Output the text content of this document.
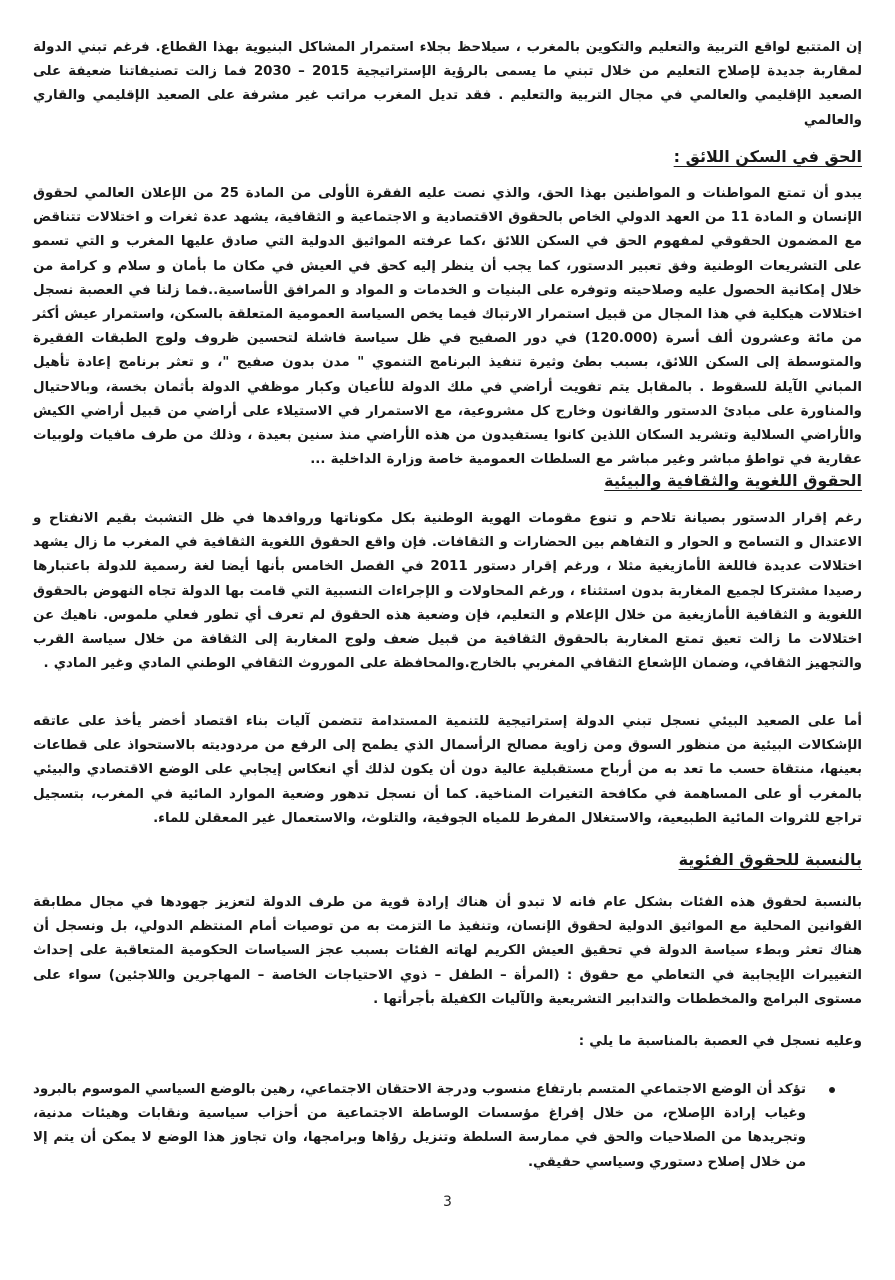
إن المتتبع لواقع التربية والتعليم والتكوين بالمغرب ، سيلاحظ بجلاء استمرار المشاكل البنيوية بهذا القطاع. فرغم تبني الدولة لمقاربة جديدة لإصلاح التعليم من خلال تبني ما يسمى بالرؤية الإستراتيجية 2015 – 2030 فما زالت تصنيفاتنا ضعيفة على الصعيد الإقليمي والعالمي في مجال التربية والتعليم . فقد تديل المغرب مراتب غير مشرفة على الصعيد الإقليمي والقاري والعالمي

الحق في السكن اللائق :

يبدو أن تمتع المواطنات و المواطنين بهذا الحق، والذي نصت عليه الفقرة الأولى من المادة 25 من الإعلان العالمي لحقوق الإنسان و المادة 11 من العهد الدولي الخاص بالحقوق الاقتصادية و الاجتماعية و الثقافية، يشهد عدة ثغرات و اختلالات تتناقض مع المضمون الحقوقي لمفهوم الحق في السكن اللائق ،كما عرفته المواثيق الدولية التي صادق عليها المغرب و التي تسمو على التشريعات الوطنية وفق تعبير الدستور، كما يجب أن ينظر إليه كحق في العيش في مكان ما بأمان و سلام و كرامة من خلال إمكانية الحصول عليه وصلاحيته وتوفره على البنيات و الخدمات و المواد و المرافق الأساسية..فما زلنا في العصبة نسجل اختلالات هيكلية في هذا المجال من قبيل استمرار الارتباك فيما يخص السياسة العمومية المتعلقة بالسكن، واستمرار عيش أكثر من مائة وعشرون ألف أسرة (120.000) في دور الصفيح في ظل سياسة فاشلة لتحسين ظروف ولوج الطبقات الفقيرة والمتوسطة إلى السكن اللائق، بسبب بطئ وثيرة تنفيذ البرنامج التنموي " مدن بدون صفيح "، و تعثر برنامج إعادة تأهيل المباني الآيلة للسقوط . بالمقابل يتم تفويت أراضي في ملك الدولة للأعيان وكبار موظفي الدولة بأثمان بخسة، وبالاحتيال والمناورة على مبادئ الدستور والقانون وخارج كل مشروعية، مع الاستمرار في الاستيلاء على أراضي من قبيل أراضي الكيش والأراضي السلالية وتشريد السكان اللذين كانوا يستفيدون من هذه الأراضي منذ سنين بعيدة ، وذلك من طرف مافيات ولوبيات عقارية في تواطؤ مباشر وغير مباشر مع السلطات العمومية خاصة وزارة الداخلية ...

الحقوق اللغوية والثقافية والبيئية

رغم إقرار الدستور بصيانة تلاحم و تنوع مقومات الهوية الوطنية بكل مكوناتها وروافدها في ظل التشبث بقيم الانفتاح و الاعتدال و التسامح و الحوار و التفاهم بين الحضارات و الثقافات. فإن واقع الحقوق اللغوية الثقافية في المغرب ما زال يشهد اختلالات عديدة فاللغة الأمازيغية مثلا ، ورغم إقرار دستور 2011 في الفصل الخامس بأنها أيضا لغة رسمية للدولة باعتبارها رصيدا مشتركا لجميع المغاربة بدون استثناء ، ورغم المحاولات و الإجراءات النسبية التي قامت بها الدولة تجاه النهوض بالحقوق اللغوية و الثقافية الأمازيغية من خلال الإعلام و التعليم، فإن وضعية هذه الحقوق لم تعرف أي تطور فعلي ملموس. ناهيك عن اختلالات ما زالت تعيق تمتع المغاربة بالحقوق الثقافية من قبيل ضعف ولوج المغاربة إلى الثقافة من خلال سياسة القرب والتجهيز الثقافي، وضمان الإشعاع الثقافي المغربي بالخارج.والمحافظة على الموروث الثقافي الوطني المادي وغير المادي .

أما على الصعيد البيئي نسجل تبني الدولة إستراتيجية للتنمية المستدامة تتضمن آليات بناء اقتصاد أخضر يأخذ على عاتقه الإشكالات البيئية من منظور السوق ومن زاوية مصالح الرأسمال الذي يطمح إلى الرفع من مردوديته بالاستحواذ على قطاعات بعينها، منتقاة حسب ما تعد به من أرباح مستقبلية عالية دون أن يكون لذلك أي انعكاس إيجابي على الوضع الاقتصادي والبيئي بالمغرب أو على المساهمة في مكافحة التغيرات المناخية. كما أن نسجل تدهور وضعية الموارد المائية في المغرب، بتسجيل تراجع للثروات المائية الطبيعية، والاستغلال المفرط للمياه الجوفية، والتلوث، والاستعمال غير المعقلن للماء.

بالنسبة للحقوق الفئوية

بالنسبة لحقوق هذه الفئات بشكل عام فانه لا تبدو أن هناك إرادة قوية من طرف الدولة لتعزيز جهودها في مجال مطابقة القوانين المحلية مع المواثيق الدولية لحقوق الإنسان، وتنفيذ ما التزمت به من توصيات أمام المنتظم الدولي، بل ونسجل أن هناك تعثر وبطء سياسة الدولة في تحقيق العيش الكريم لهاته الفئات بسبب عجز السياسات الحكومية المتعاقبة على إحداث التغييرات الإيجابية في التعاطي مع حقوق : (المرأة – الطفل – ذوي الاحتياجات الخاصة – المهاجرين واللاجئين) سواء على مستوى البرامج والمخططات والتدابير التشريعية والآليات الكفيلة بأجرأتها .

وعليه نسجل في العصبة بالمناسبة ما يلي :

تؤكد أن الوضع الاجتماعي المتسم بارتفاع منسوب ودرجة الاحتقان الاجتماعي، رهين بالوضع السياسي الموسوم بالبرود وغياب إرادة الإصلاح، من خلال إفراغ مؤسسات الوساطة الاجتماعية من أحزاب سياسية ونقابات وهيئات مدنية، وتجريدها من الصلاحيات والحق في ممارسة السلطة وتنزيل رؤاها وبرامجها، وان تجاوز هذا الوضع لا يمكن أن يتم إلا من خلال إصلاح دستوري وسياسي حقيقي.
3
